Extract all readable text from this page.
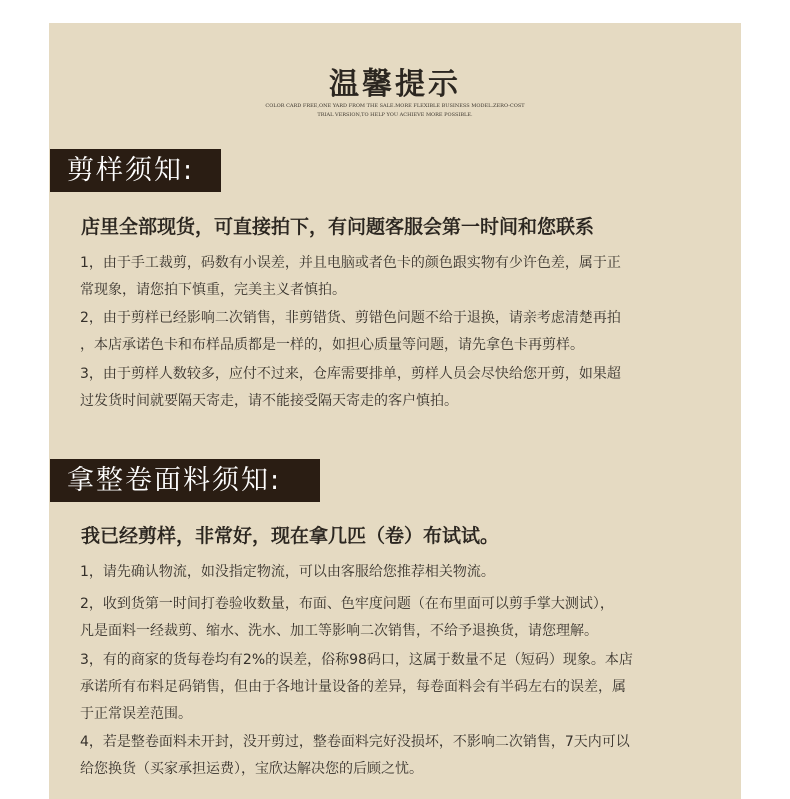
温馨提示
COLOR CARD FREE,ONE YARD FROM THE SALE.MORE FLEXIBLE BUSINESS MODEL.ZERO-COST
TRIAL VERSION,TO HELP YOU ACHIEVE MORE POSSIBLE.
剪样须知:
店里全部现货，可直接拍下，有问题客服会第一时间和您联系
1，由于手工裁剪，码数有小误差，并且电脑或者色卡的颜色跟实物有少许色差，属于正
常现象，请您拍下慎重，完美主义者慎拍。
2，由于剪样已经影响二次销售，非剪错货、剪错色问题不给于退换，请亲考虑清楚再拍
，本店承诺色卡和布样品质都是一样的，如担心质量等问题，请先拿色卡再剪样。
3，由于剪样人数较多，应付不过来，仓库需要排单，剪样人员会尽快给您开剪，如果超
过发货时间就要隔天寄走，请不能接受隔天寄走的客户慎拍。
拿整卷面料须知:
我已经剪样，非常好，现在拿几匹（卷）布试试。
1，请先确认物流，如没指定物流，可以由客服给您推荐相关物流。
2，收到货第一时间打卷验收数量，布面、色牢度问题（在布里面可以剪手掌大测试），
凡是面料一经裁剪、缩水、洗水、加工等影响二次销售，不给予退换货，请您理解。
3，有的商家的货每卷均有2%的误差，俗称98码口，这属于数量不足（短码）现象。本店
承诺所有布料足码销售，但由于各地计量设备的差异，每卷面料会有半码左右的误差，属
于正常误差范围。
4，若是整卷面料未开封，没开剪过，整卷面料完好没损坏，不影响二次销售，7天内可以
给您换货（买家承担运费），宝欣达解决您的后顾之忧。
